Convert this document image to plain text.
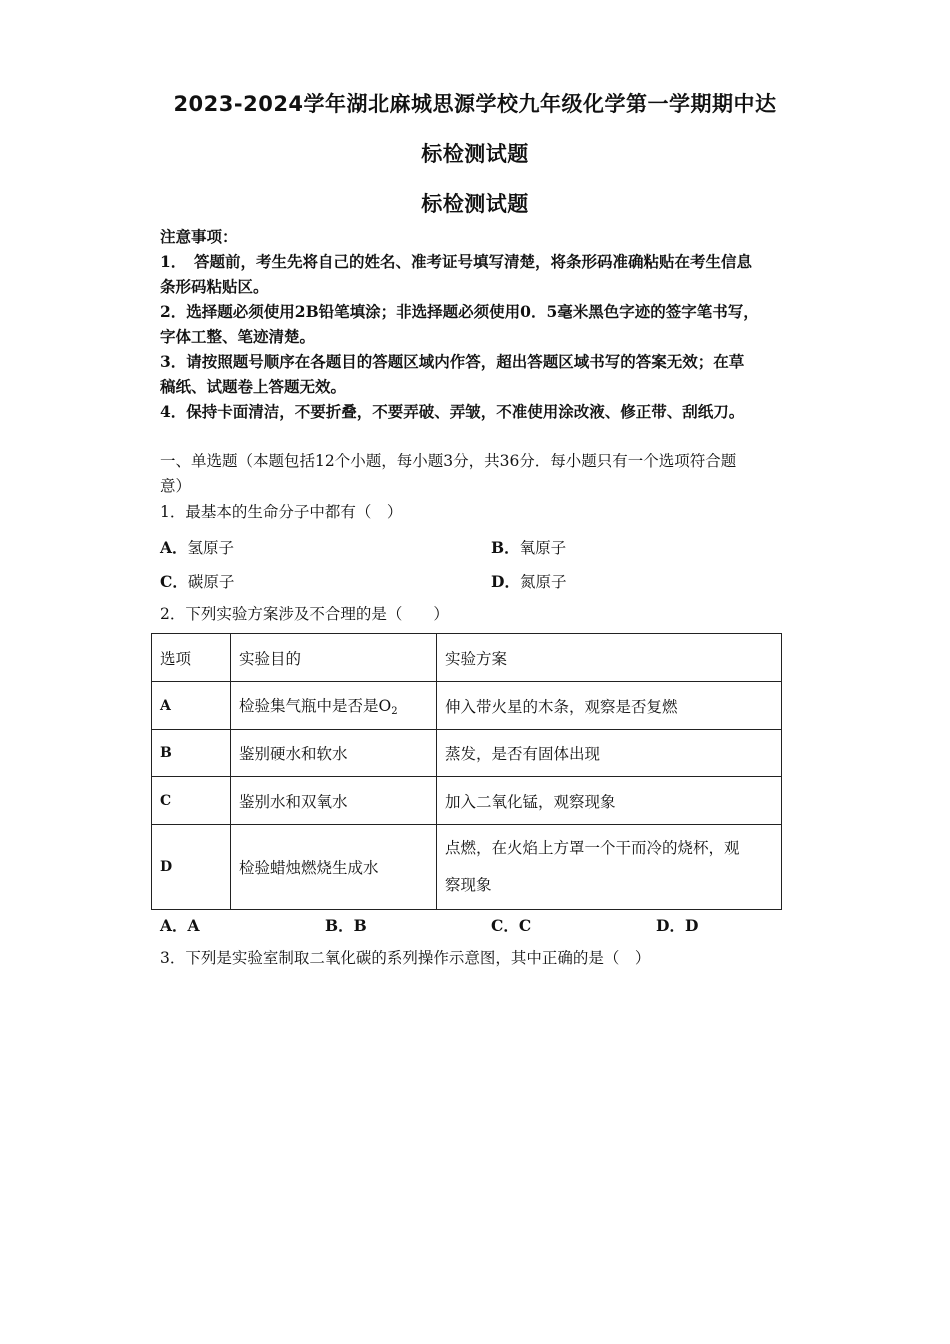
2023-2024学年湖北麻城思源学校九年级化学第一学期期中达
标检测试题
标检测试题
注意事项：
1．　答题前，考生先将自己的姓名、准考证号填写清楚，将条形码准确粘贴在考生信息
条形码粘贴区。
2．选择题必须使用2B铅笔填涂；非选择题必须使用0．5毫米黑色字迹的签字笔书写，
字体工整、笔迹清楚。
3．请按照题号顺序在各题目的答题区域内作答，超出答题区域书写的答案无效；在草
稿纸、试题卷上答题无效。
4．保持卡面清洁，不要折叠，不要弄破、弄皱，不准使用涂改液、修正带、刮纸刀。
一、单选题（本题包括12个小题，每小题3分，共36分．每小题只有一个选项符合题
意）
1．最基本的生命分子中都有（　）
A．氢原子	B．氧原子
C．碳原子	D．氮原子
2．下列实验方案涉及不合理的是（　　）
选项	实验目的	实验方案
A	检验集气瓶中是否是$O_2$	伸入带火星的木条，观察是否复燃
B	鉴别硬水和软水	蒸发，是否有固体出现
C	鉴别水和双氧水	加入二氧化锰，观察现象
D	检验蜡烛燃烧生成水	点燃，在火焰上方罩一个干而冷的烧杯，观
察现象
A．A	B．B	C．C	D．D
3．下列是实验室制取二氧化碳的系列操作示意图，其中正确的是（　）
